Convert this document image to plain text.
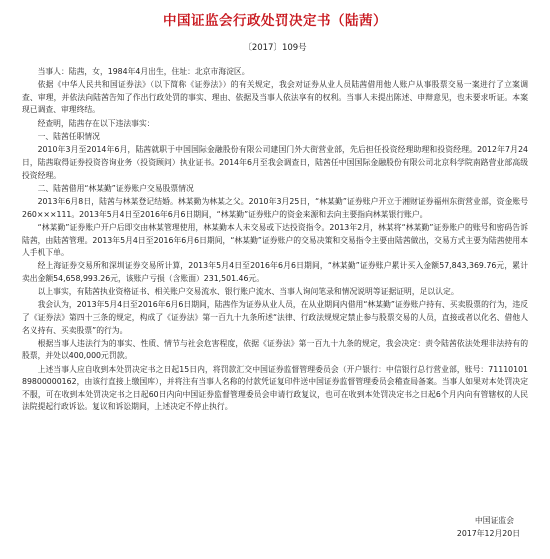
中国证监会行政处罚决定书（陆茜）
〔2017〕109号

当事人：陆茜，女，1984年4月出生，住址：北京市海淀区。

依据《中华人民共和国证券法》（以下简称《证券法》）的有关规定，我会对证券从业人员陆茜借用他人账户从事股票交易一案进行了立案调查、审理，并依法向陆茜告知了作出行政处罚的事实、理由、依据及当事人依法享有的权利。当事人未提出陈述、申辩意见，也未要求听证。本案现已调查、审理终结。

经查明，陆茜存在以下违法事实：

一、陆茜任职情况

2010年3月至2014年6月，陆茜就职于中国国际金融股份有限公司建国门外大街营业部，先后担任投资经理助理和投资经理。2012年7月24日，陆茜取得证券投资咨询业务（投资顾问）执业证书。2014年6月至我会调查日，陆茜任中国国际金融股份有限公司北京科学院南路营业部高级投资经理。

二、陆茜借用“林某勤”证券账户交易股票情况

2013年6月8日，陆茜与林某登记结婚。林某勤为林某之父。2010年3月25日，“林某勤”证券账户开立于湘财证券福州东街营业部，资金账号260×××111。2013年5月4日至2016年6月6日期间，“林某勤”证券账户的资金来源和去向主要指向林某银行账户。

“林某勤”证券账户开户后即交由林某管理使用，林某勤本人未交易或下达投资指令。2013年2月，林某将“林某勤”证券账户的账号和密码告诉陆茜，由陆茜管理。2013年5月4日至2016年6月6日期间，“林某勤”证券账户的交易决策和交易指令主要由陆茜做出，交易方式主要为陆茜使用本人手机下单。

经上海证券交易所和深圳证券交易所计算，2013年5月4日至2016年6月6日期间，“林某勤”证券账户累计买入金额57,843,369.76元，累计卖出金额54,658,993.26元，该账户亏损（含账面）231,501.46元。

以上事实，有陆茜执业资格证书、相关账户交易流水、银行账户流水、当事人询问笔录和情况说明等证据证明，足以认定。

我会认为，2013年5月4日至2016年6月6日期间，陆茜作为证券从业人员，在从业期间内借用“林某勤”证券账户持有、买卖股票的行为，违反了《证券法》第四十三条的规定，构成了《证券法》第一百九十九条所述“法律、行政法规规定禁止参与股票交易的人员，直接或者以化名、借他人名义持有、买卖股票”的行为。

根据当事人违法行为的事实、性质、情节与社会危害程度，依据《证券法》第一百九十九条的规定，我会决定：责令陆茜依法处理非法持有的股票，并处以400,000元罚款。

上述当事人应自收到本处罚决定书之日起15日内，将罚款汇交中国证券监督管理委员会（开户银行：中信银行总行营业部，账号：7111010189800000162，由该行直接上缴国库），并将注有当事人名称的付款凭证复印件送中国证券监督管理委员会稽查局备案。当事人如果对本处罚决定不服，可在收到本处罚决定书之日起60日内向中国证券监督管理委员会申请行政复议，也可在收到本处罚决定书之日起6个月内向有管辖权的人民法院提起行政诉讼。复议和诉讼期间，上述决定不停止执行。

中国证监会
2017年12月20日
